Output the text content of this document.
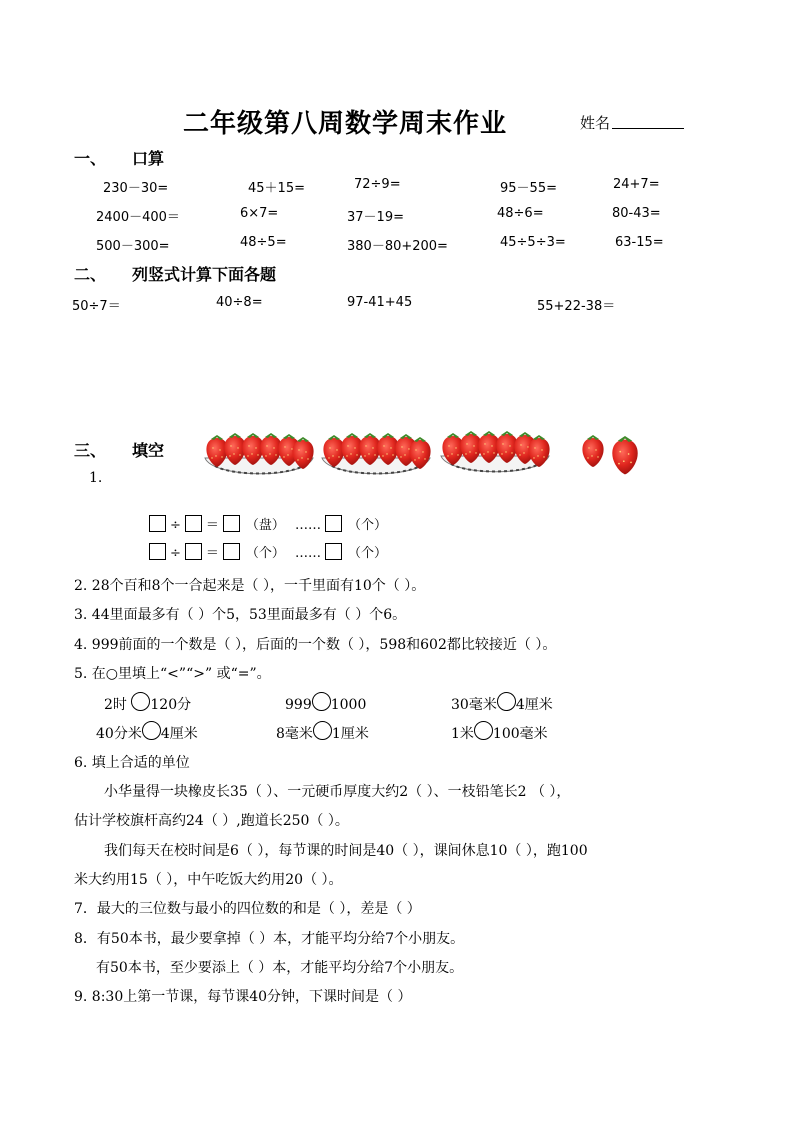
二年级第八周数学周末作业	姓名
一、 口算
230－30=	45＋15=	72÷9=	95－55=	24+7=
2400－400＝	6×7=	37－19=	48÷6=	80-43=
500－300=	48÷5=	380－80+200=	45÷5÷3=	63-15=
二、 列竖式计算下面各题
50÷7＝	40÷8=	97-41+45	55+22-38＝
三、 填空
1.
÷ ＝ （盘） …… （个）
÷ ＝ （个） …… （个）
2. 28个百和8个一合起来是（ ），一千里面有10个（ ）。
3. 44里面最多有（ ）个5，53里面最多有（ ）个6。
4. 999前面的一个数是（ ），后面的一个数（ ），598和602都比较接近（ ）。
5. 在○里填上“<”“>” 或“=”。
2时 120分	999 1000	30毫米 4厘米
40分米 4厘米	8毫米 1厘米	1米 100毫米
6. 填上合适的单位
小华量得一块橡皮长35（ ）、一元硬币厚度大约2（ ）、一枝铅笔长2 （ ），
估计学校旗杆高约24（ ）,跑道长250（ ）。
我们每天在校时间是6（ ），每节课的时间是40（ ），课间休息10（ ），跑100
米大约用15（ ），中午吃饭大约用20（ ）。
7．最大的三位数与最小的四位数的和是（ ），差是（ ）
8．有50本书，最少要拿掉（ ）本，才能平均分给7个小朋友。
有50本书，至少要添上（ ）本，才能平均分给7个小朋友。
9. 8:30上第一节课，每节课40分钟，下课时间是（ ）
